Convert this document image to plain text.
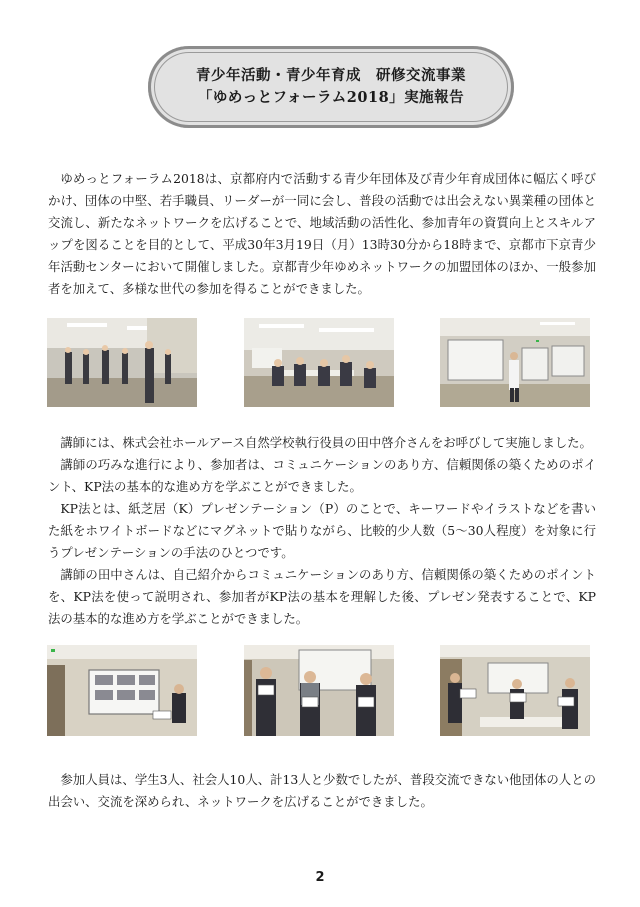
青少年活動・青少年育成　研修交流事業
「ゆめっとフォーラム2018」実施報告

ゆめっとフォーラム2018は、京都府内で活動する青少年団体及び青少年育成団体に幅広く呼びかけ、団体の中堅、若手職員、リーダーが一同に会し、普段の活動では出会えない異業種の団体と交流し、新たなネットワークを広げることで、地域活動の活性化、参加青年の資質向上とスキルアップを図ることを目的として、平成30年3月19日（月）13時30分から18時まで、京都市下京青少年活動センターにおいて開催しました。京都青少年ゆめネットワークの加盟団体のほか、一般参加者を加えて、多様な世代の参加を得ることができました。

講師には、株式会社ホールアース自然学校執行役員の田中啓介さんをお呼びして実施しました。

講師の巧みな進行により、参加者は、コミュニケーションのあり方、信頼関係の築くためのポイント、KP法の基本的な進め方を学ぶことができました。

KP法とは、紙芝居（K）プレゼンテーション（P）のことで、キーワードやイラストなどを書いた紙をホワイトボードなどにマグネットで貼りながら、比較的少人数（5～30人程度）を対象に行うプレゼンテーションの手法のひとつです。

講師の田中さんは、自己紹介からコミュニケーションのあり方、信頼関係の築くためのポイントを、KP法を使って説明され、参加者がKP法の基本を理解した後、プレゼン発表することで、KP法の基本的な進め方を学ぶことができました。

参加人員は、学生3人、社会人10人、計13人と少数でしたが、普段交流できない他団体の人との出会い、交流を深められ、ネットワークを広げることができました。

2
